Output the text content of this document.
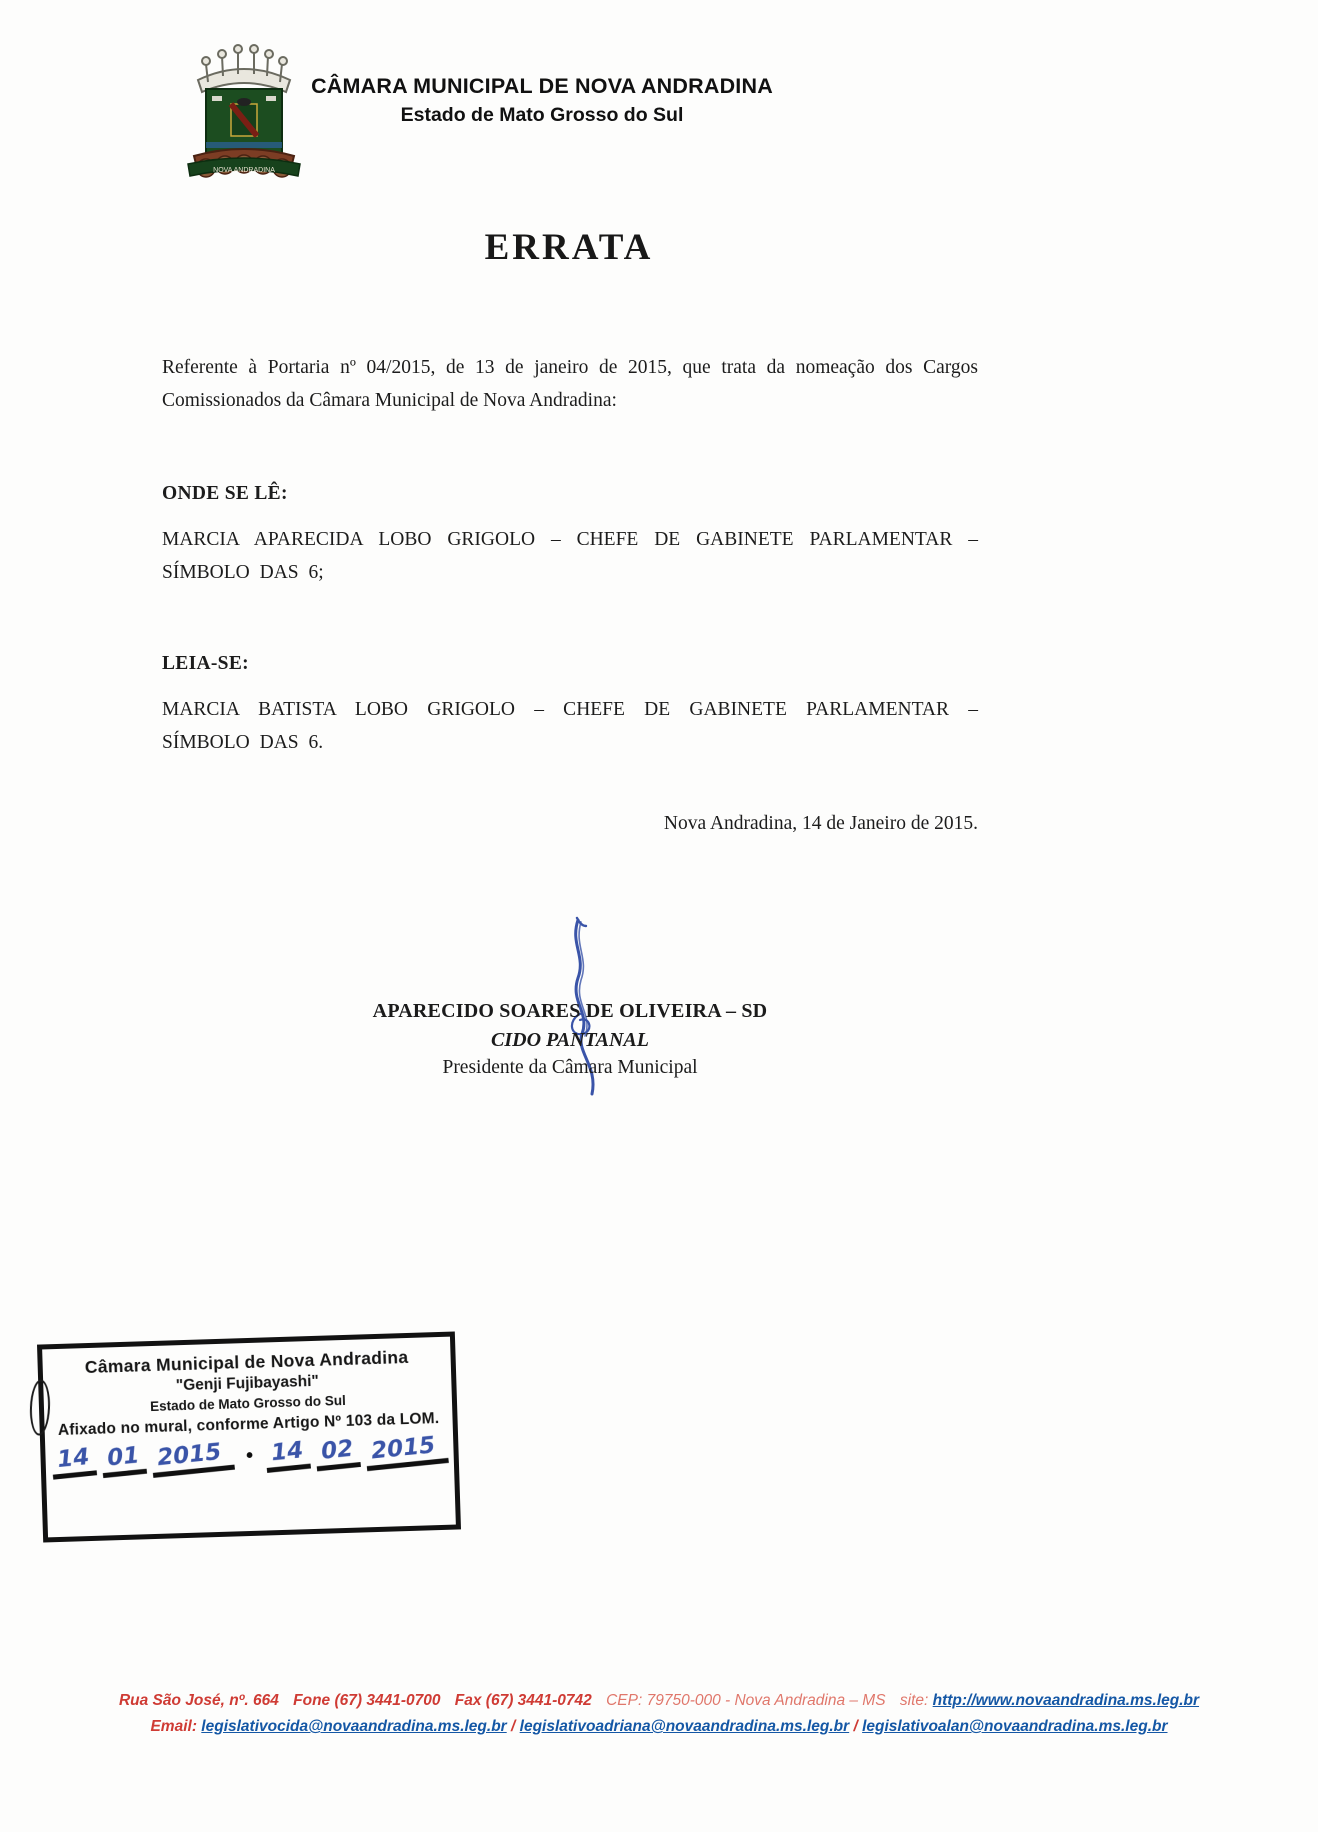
NOVA ANDRADINA
CÂMARA MUNICIPAL DE NOVA ANDRADINA
Estado de Mato Grosso do Sul
ERRATA
Referente à Portaria nº 04/2015, de 13 de janeiro de 2015, que trata da nomeação dos Cargos Comissionados da Câmara Municipal de Nova Andradina:
ONDE SE LÊ:
MARCIA APARECIDA LOBO GRIGOLO – CHEFE DE GABINETE PARLAMENTAR – SÍMBOLO DAS 6;
LEIA-SE:
MARCIA BATISTA LOBO GRIGOLO – CHEFE DE GABINETE PARLAMENTAR – SÍMBOLO DAS 6.
Nova Andradina, 14 de Janeiro de 2015.
APARECIDO SOARES DE OLIVEIRA – SD
CIDO PANTANAL
Presidente da Câmara Municipal
Câmara Municipal de Nova Andradina
"Genji Fujibayashi"
Estado de Mato Grosso do Sul
Afixado no mural, conforme Artigo Nº 103 da LOM.
14 01 2015	• 14 02 2015
Rua São José, nº. 664 Fone (67) 3441-0700 Fax (67) 3441-0742 CEP: 79750-000 - Nova Andradina – MS site: http://www.novaandradina.ms.leg.br
Email: legislativocida@novaandradina.ms.leg.br / legislativoadriana@novaandradina.ms.leg.br / legislativoalan@novaandradina.ms.leg.br
